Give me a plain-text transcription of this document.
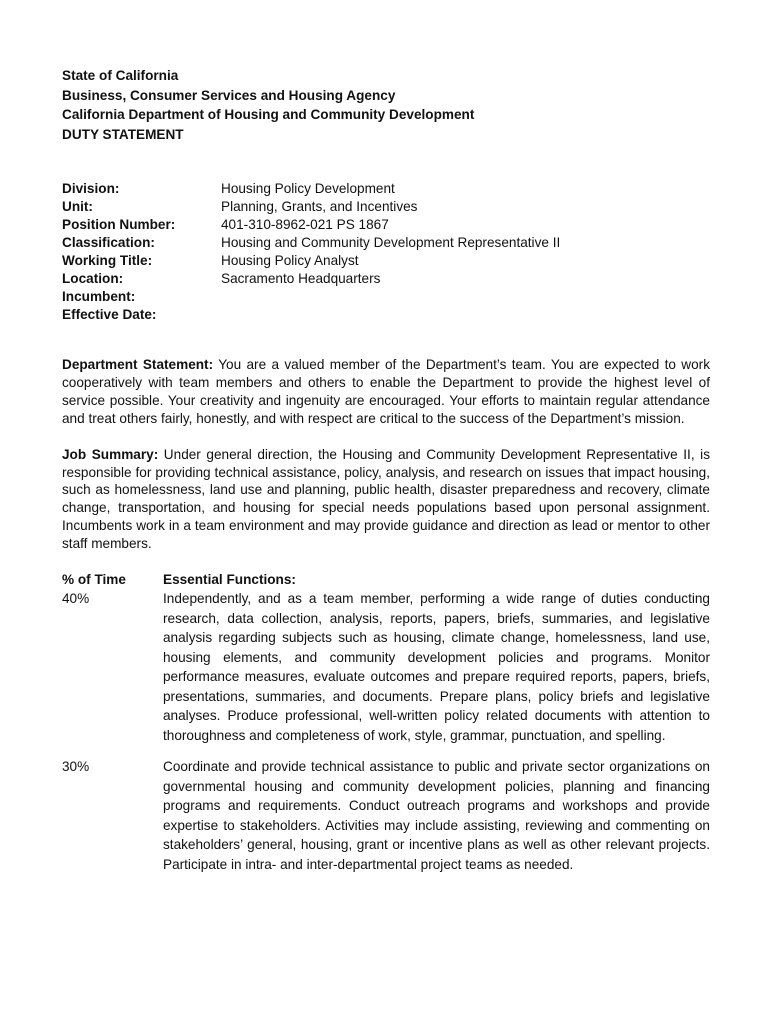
State of California

Business, Consumer Services and Housing Agency

California Department of Housing and Community Development

DUTY STATEMENT

Division:	Housing Policy Development
Unit:	Planning, Grants, and Incentives
Position Number:	401-310-8962-021 PS 1867
Classification:	Housing and Community Development Representative II
Working Title:	Housing Policy Analyst
Location:	Sacramento Headquarters
Incumbent:
Effective Date:

Department Statement: You are a valued member of the Department’s team. You are expected to work cooperatively with team members and others to enable the Department to provide the highest level of service possible. Your creativity and ingenuity are encouraged. Your efforts to maintain regular attendance and treat others fairly, honestly, and with respect are critical to the success of the Department’s mission.

Job Summary: Under general direction, the Housing and Community Development Representative II, is responsible for providing technical assistance, policy, analysis, and research on issues that impact housing, such as homelessness, land use and planning, public health, disaster preparedness and recovery, climate change, transportation, and housing for special needs populations based upon personal assignment. Incumbents work in a team environment and may provide guidance and direction as lead or mentor to other staff members.

% of Time	Essential Functions:
40%	Independently, and as a team member, performing a wide range of duties conducting research, data collection, analysis, reports, papers, briefs, summaries, and legislative analysis regarding subjects such as housing, climate change, homelessness, land use, housing elements, and community development policies and programs. Monitor performance measures, evaluate outcomes and prepare required reports, papers, briefs, presentations, summaries, and documents. Prepare plans, policy briefs and legislative analyses. Produce professional, well-written policy related documents with attention to thoroughness and completeness of work, style, grammar, punctuation, and spelling.
30%	Coordinate and provide technical assistance to public and private sector organizations on governmental housing and community development policies, planning and financing programs and requirements. Conduct outreach programs and workshops and provide expertise to stakeholders. Activities may include assisting, reviewing and commenting on stakeholders’ general, housing, grant or incentive plans as well as other relevant projects. Participate in intra- and inter-departmental project teams as needed.
